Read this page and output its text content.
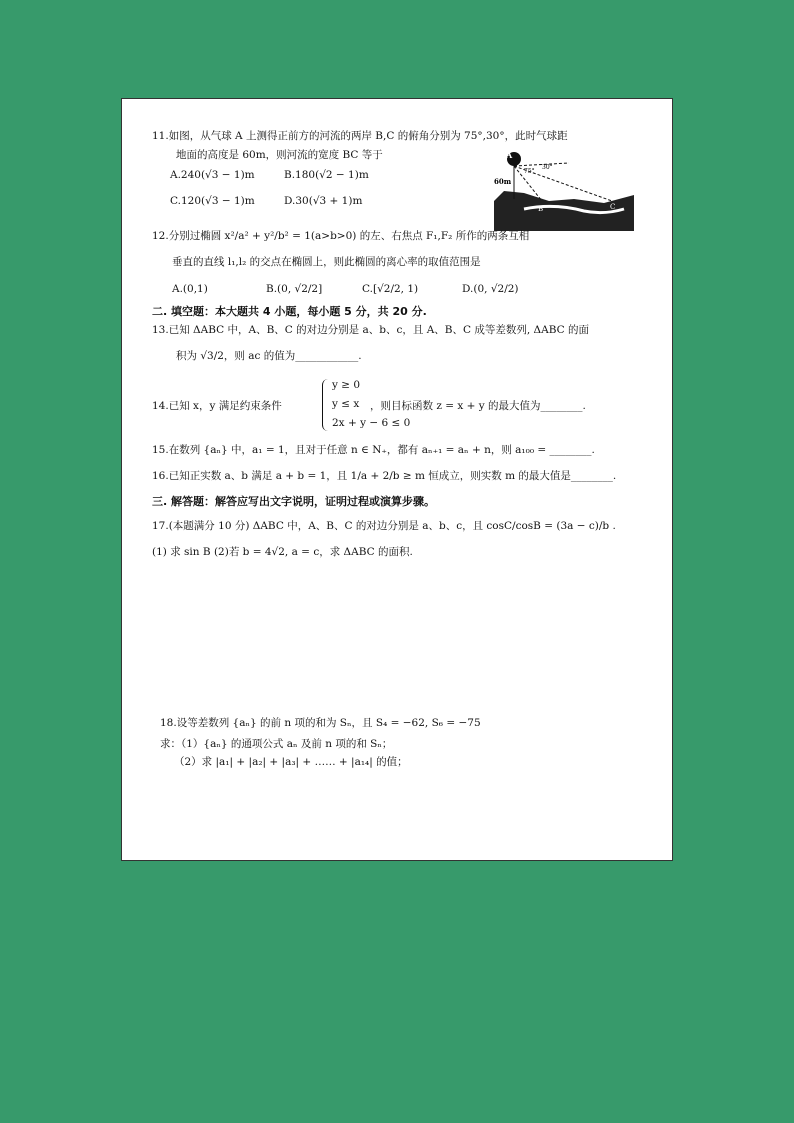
11.如图，从气球 A 上测得正前方的河流的两岸 B,C 的俯角分别为 75°,30°，此时气球距
地面的高度是 60m，则河流的宽度 BC 等于
A.240(√3 − 1)m	B.180(√2 − 1)m
C.120(√3 − 1)m	D.30(√3 + 1)m
A
60m
B	C
75°
30°
12.分别过椭圆 x²/a² + y²/b² = 1(a>b>0) 的左、右焦点 F₁,F₂ 所作的两条互相
垂直的直线 l₁,l₂ 的交点在椭圆上，则此椭圆的离心率的取值范围是
A.(0,1)	B.(0, √2/2]	C.[√2/2, 1)	D.(0, √2/2)
二. 填空题：本大题共 4 小题，每小题 5 分，共 20 分.
13.已知 ΔABC 中，A、B、C 的对边分别是 a、b、c，且 A、B、C 成等差数列, ΔABC 的面
积为 √3/2，则 ac 的值为____________.
14.已知 x，y 满足约束条件
y ≥ 0
y ≤ x
2x + y − 6 ≤ 0
，则目标函数 z = x + y 的最大值为________.
15.在数列 {aₙ} 中，a₁ = 1，且对于任意 n ∈ N₊，都有 aₙ₊₁ = aₙ + n，则 a₁₀₀ = ________.
16.已知正实数 a、b 满足 a + b = 1，且 1/a + 2/b ≥ m 恒成立，则实数 m 的最大值是________.
三. 解答题：解答应写出文字说明，证明过程或演算步骤。
17.(本题满分 10 分) ΔABC 中，A、B、C 的对边分别是 a、b、c，且 cosC/cosB = (3a − c)/b .
(1) 求 sin B (2)若 b = 4√2, a = c，求 ΔABC 的面积.
18.设等差数列 {aₙ} 的前 n 项的和为 Sₙ，且 S₄ = −62, S₆ = −75
求：（1）{aₙ} 的通项公式 aₙ 及前 n 项的和 Sₙ；
（2）求 |a₁| + |a₂| + |a₃| + …… + |a₁₄| 的值；
